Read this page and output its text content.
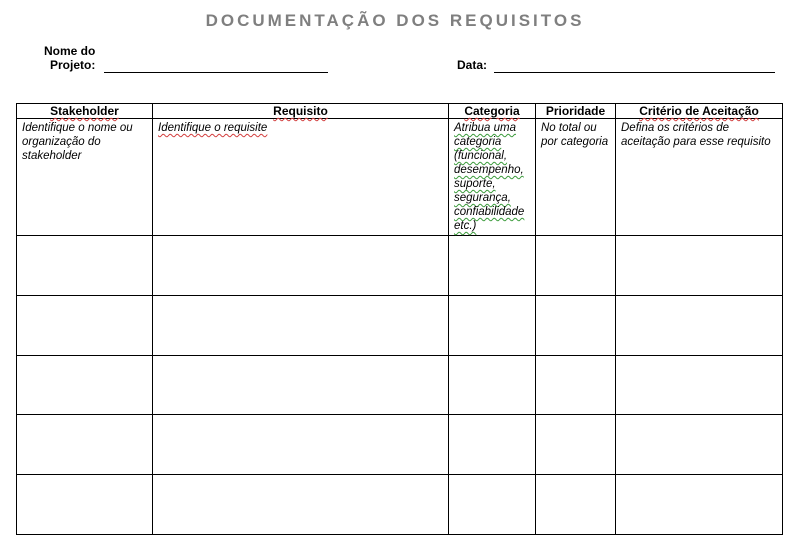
DOCUMENTAÇÃO DOS REQUISITOS
Nome do
Projeto:	Data:
Stakeholder	Requisito	Categoria	Prioridade	Critério de Aceitação
Identifique o nome ou organização do stakeholder	Identifique o requisite	Atribua uma categoria (funcional, desempenho, suporte, segurança, confiabilidade etc.)	No total ou por categoria	Defina os critérios de aceitação para esse requisito
